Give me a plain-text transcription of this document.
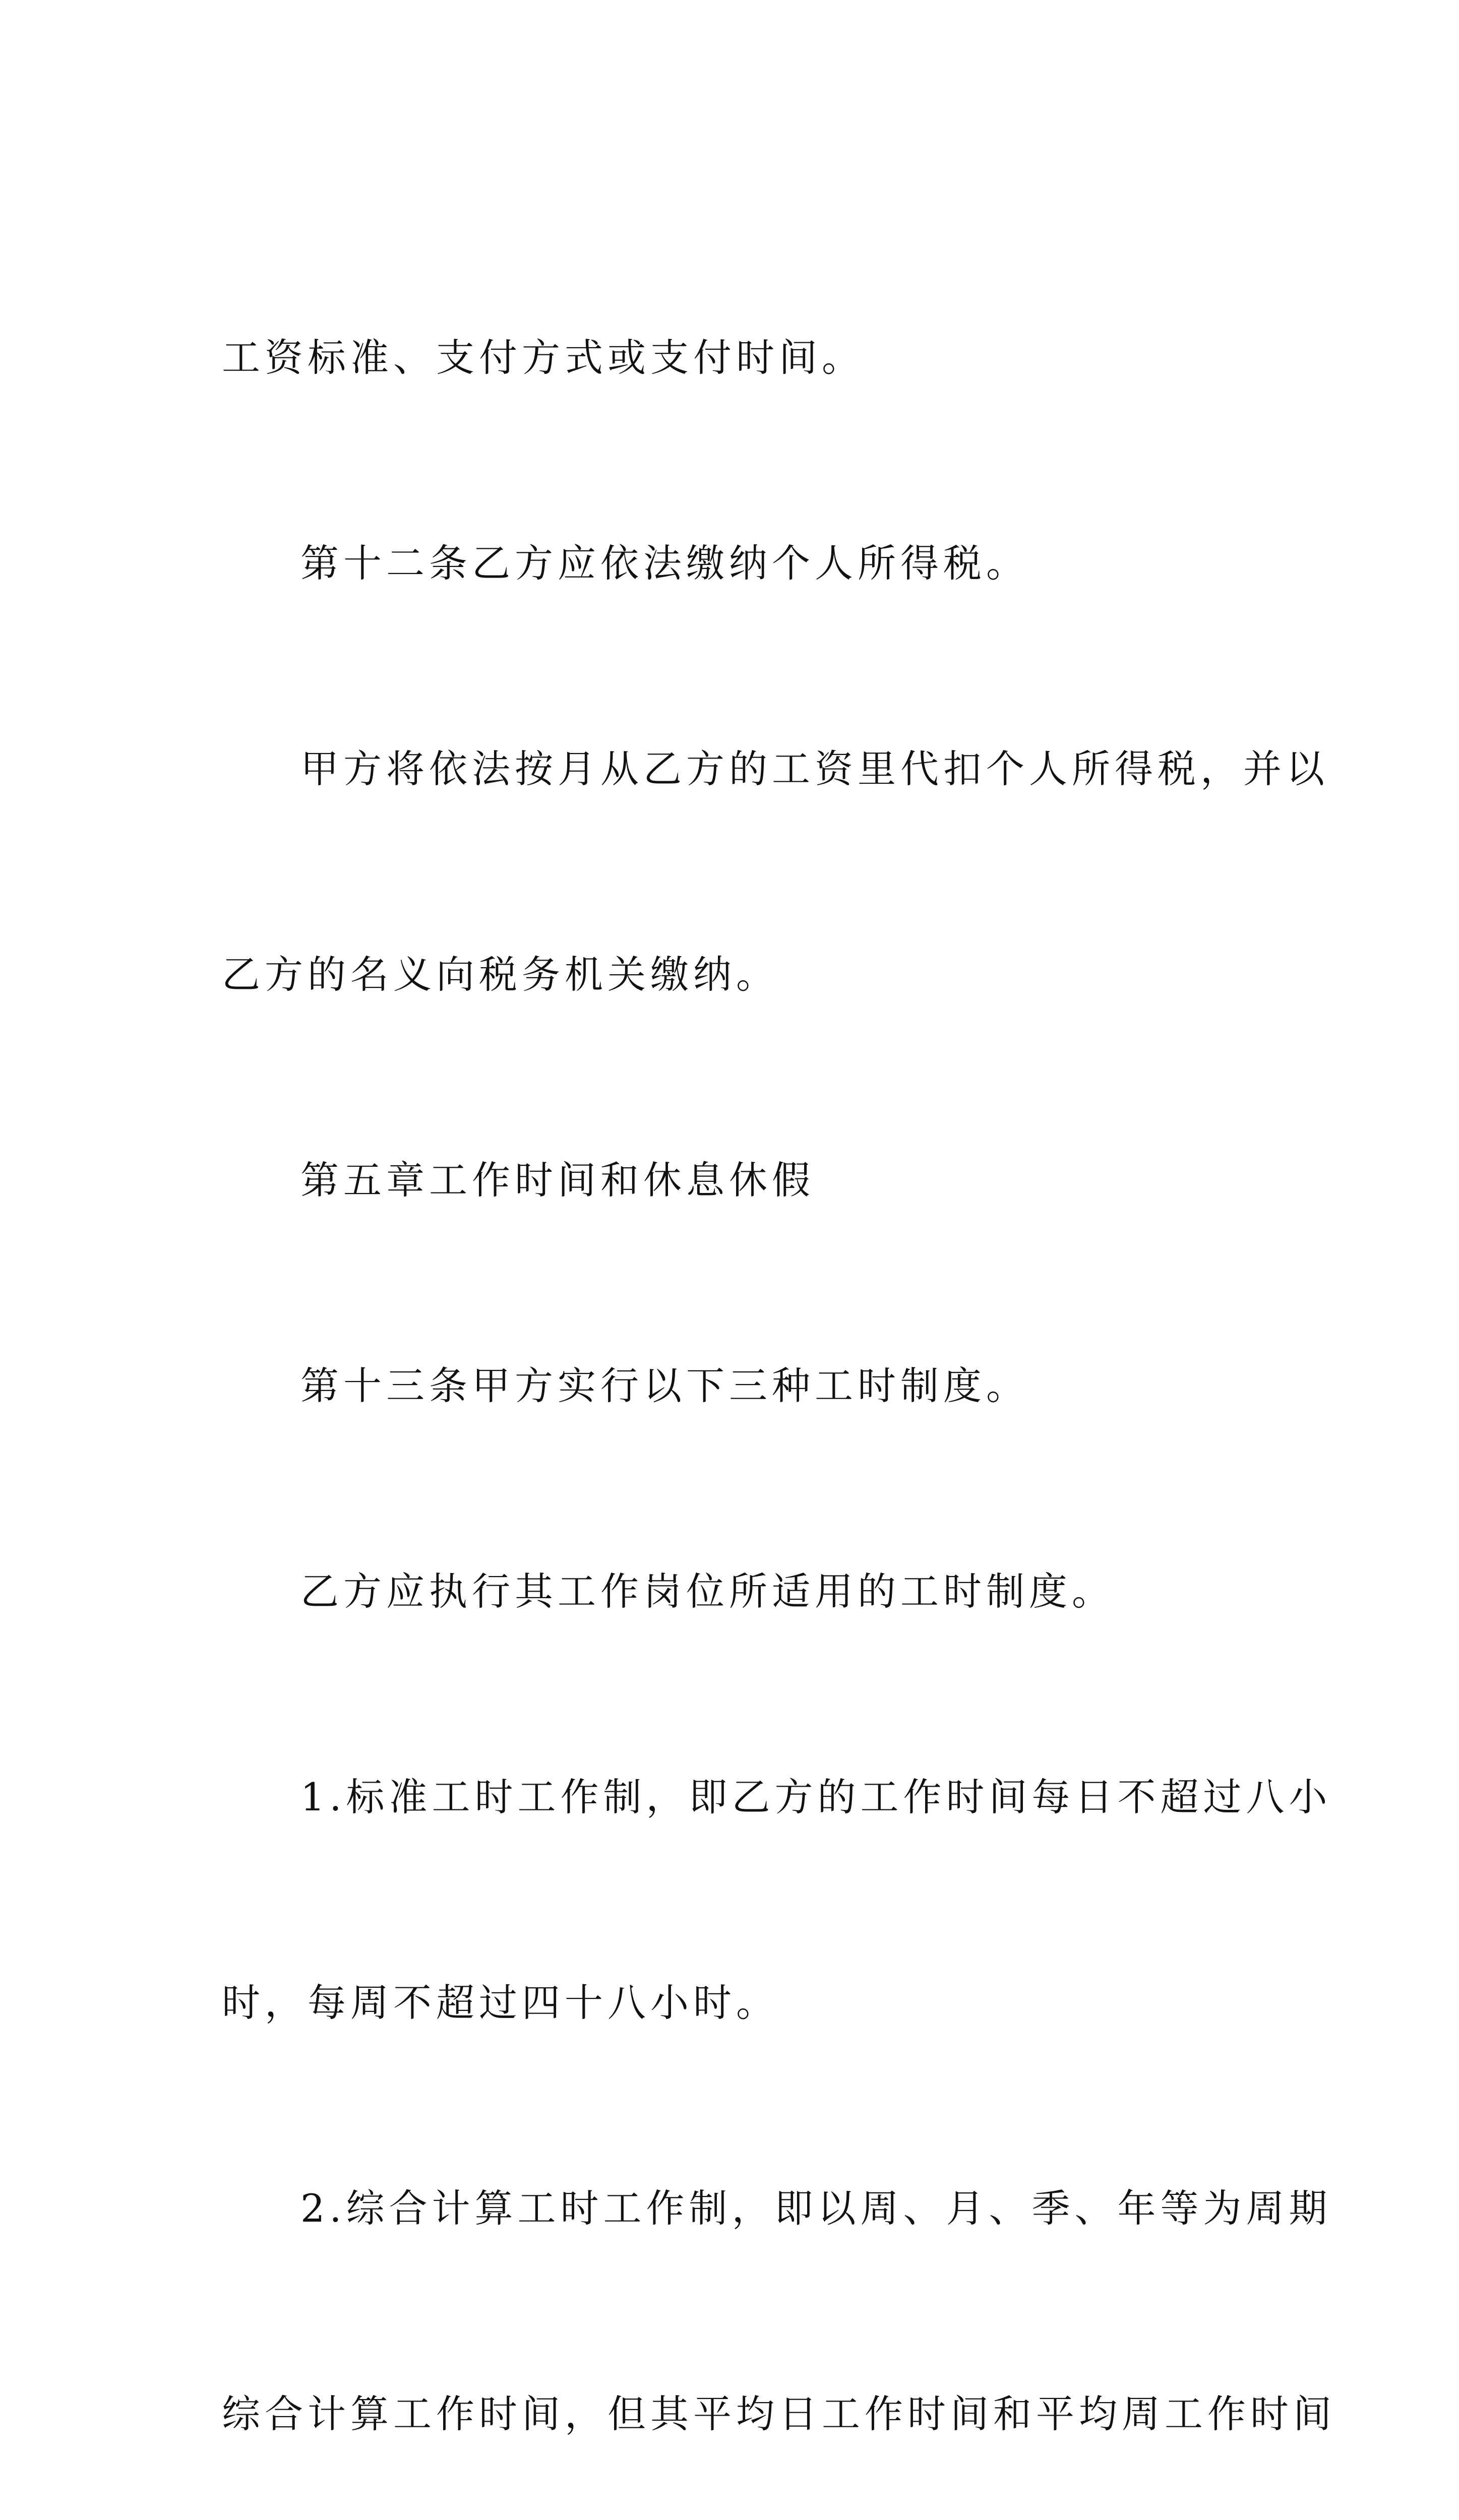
工资标准、支付方式或支付时间。

第十二条乙方应依法缴纳个人所得税。

甲方将依法按月从乙方的工资里代扣个人所得税，并以

乙方的名义向税务机关缴纳。

第五章工作时间和休息休假

第十三条甲方实行以下三种工时制度。

乙方应执行其工作岗位所适用的工时制度。

1.标准工时工作制，即乙方的工作时间每日不超过八小

时，每周不超过四十八小时。

2.综合计算工时工作制，即以周、月、季、年等为周期

综合计算工作时间，但其平均日工作时间和平均周工作时间
